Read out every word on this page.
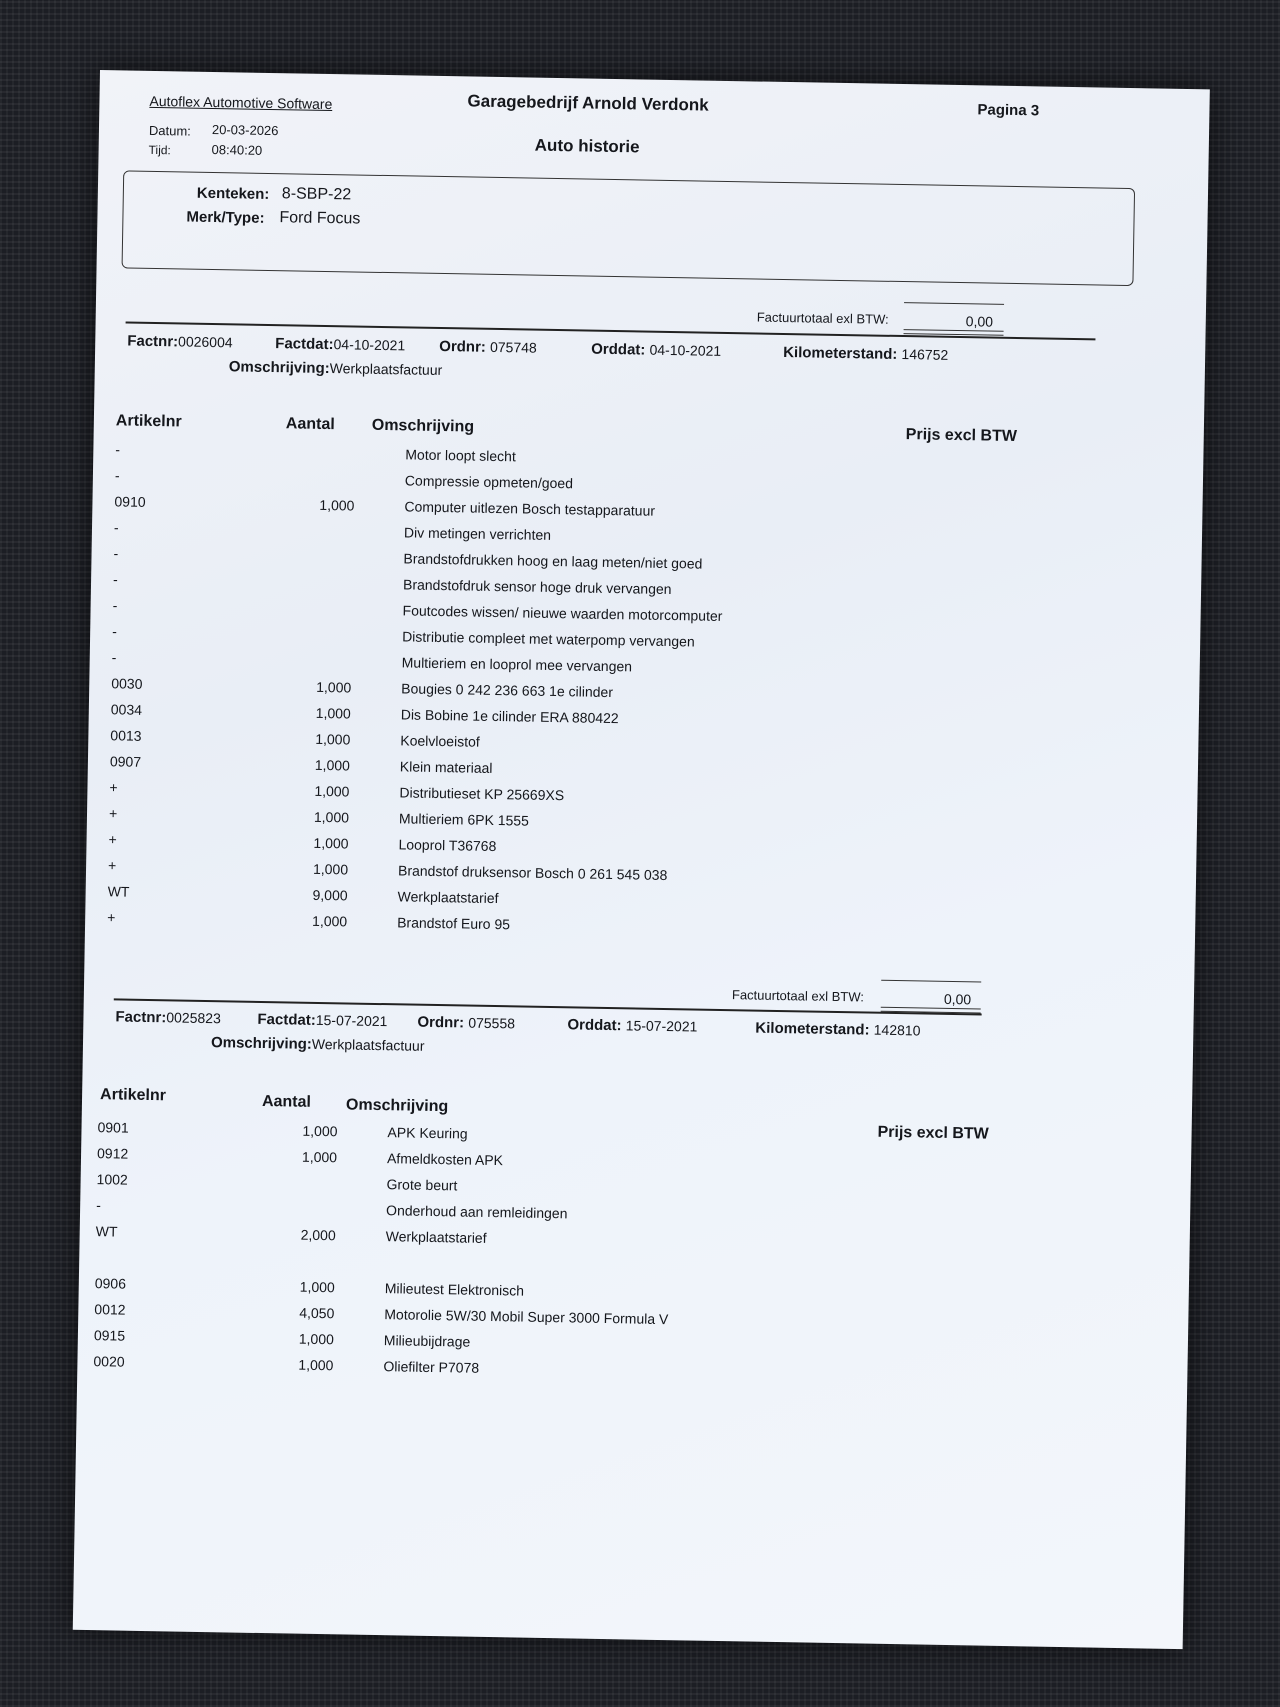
Autoflex Automotive Software	Garagebedrijf Arnold Verdonk	Pagina 3
Datum: 20-03-2026
Tijd:	08:40:20	Auto historie
Kenteken: 8-SBP-22
Merk/Type: Ford Focus
Factuurtotaal exl BTW:	0,00
Factnr:0026004	Factdat:04-10-2021 Ordnr: 075748	Orddat: 04-10-2021	Kilometerstand: 146752
Omschrijving:Werkplaatsfactuur
Artikelnr	Aantal Omschrijving	Prijs excl BTW
-			Motor loopt slecht
-			Compressie opmeten/goed
0910	1,000		Computer uitlezen Bosch testapparatuur
-			Div metingen verrichten
-			Brandstofdrukken hoog en laag meten/niet goed
-			Brandstofdruk sensor hoge druk vervangen
-			Foutcodes wissen/ nieuwe waarden motorcomputer
-			Distributie compleet met waterpomp vervangen
-			Multieriem en looprol mee vervangen
0030	1,000		Bougies 0 242 236 663 1e cilinder
0034	1,000		Dis Bobine 1e cilinder ERA 880422
0013	1,000		Koelvloeistof
0907	1,000		Klein materiaal
+	1,000		Distributieset KP 25669XS
+	1,000		Multieriem 6PK 1555
+	1,000		Looprol T36768
+	1,000		Brandstof druksensor Bosch 0 261 545 038
WT	9,000		Werkplaatstarief
+	1,000		Brandstof Euro 95
Factuurtotaal exl BTW:	0,00
Factnr:0025823 Factdat:15-07-2021 Ordnr: 075558	Orddat: 15-07-2021	Kilometerstand: 142810
Omschrijving:Werkplaatsfactuur
Artikelnr	Aantal Omschrijving
Prijs excl BTW
0901	1,000		APK Keuring
0912	1,000		Afmeldkosten APK
1002			Grote beurt
-			Onderhoud aan remleidingen
WT	2,000		Werkplaatstarief

0906	1,000		Milieutest Elektronisch
0012	4,050		Motorolie 5W/30 Mobil Super 3000 Formula V
0915	1,000		Milieubijdrage
0020	1,000		Oliefilter P7078
